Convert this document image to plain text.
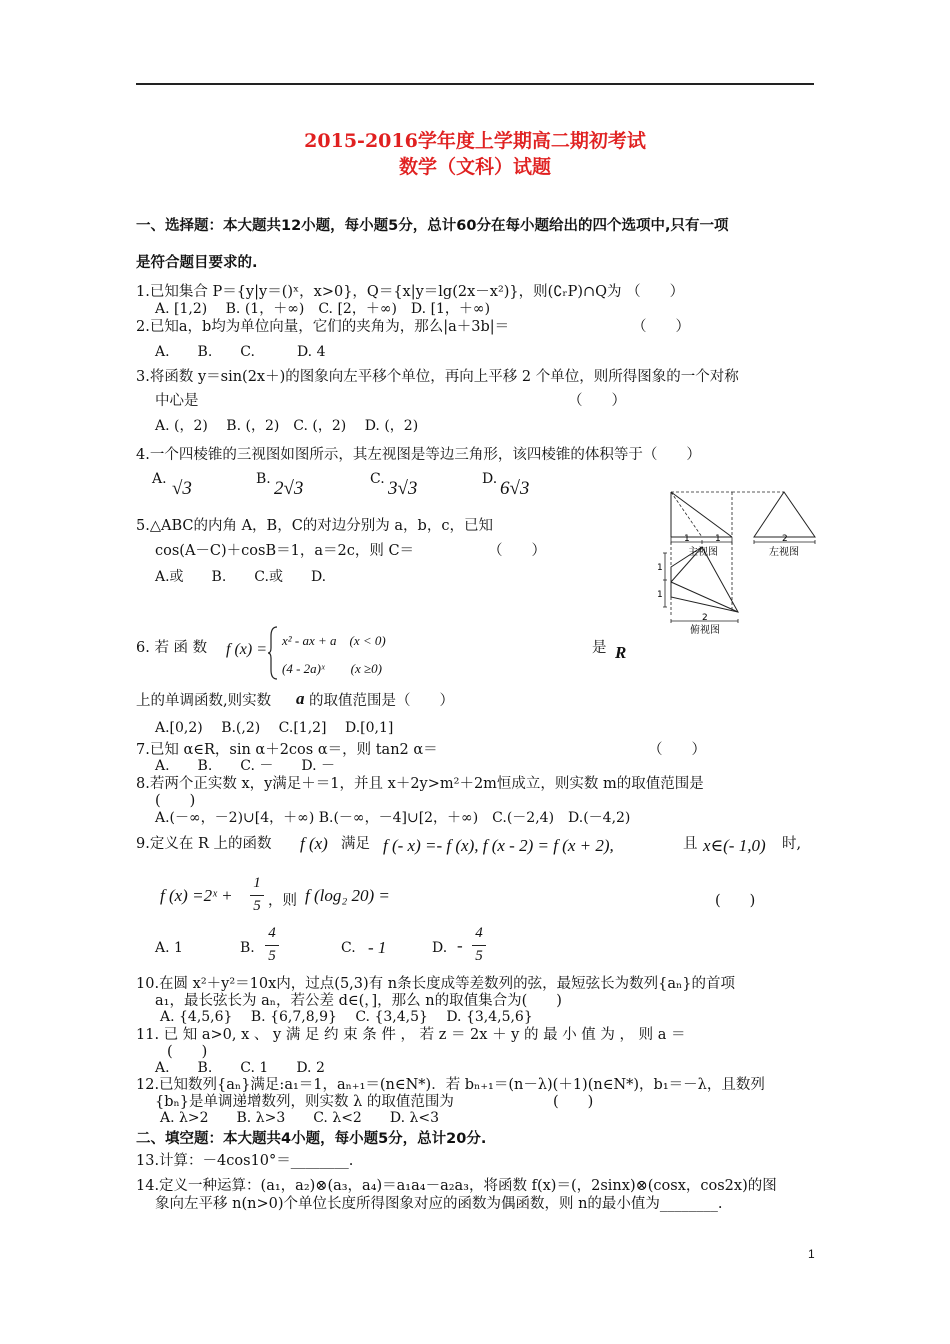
2015-2016学年度上学期高二期初考试
数学（文科）试题
一、选择题：本大题共12小题，每小题5分，总计60分在每小题给出的四个选项中,只有一项
是符合题目要求的.
1.已知集合 P＝{y|y＝()ˣ，x>0}，Q＝{x|y＝lg(2x－x²)}，则(∁ᵣP)∩Q为 （　　）
A. [1,2)　 B. (1，＋∞)　C. [2，＋∞)　D. [1，＋∞)
2.已知a，b均为单位向量，它们的夹角为，那么|a＋3b|＝	（　　）
A.　　B.　　C.　　　D. 4
3.将函数 y＝sin(2x＋)的图象向左平移个单位，再向上平移 2 个单位，则所得图象的一个对称
中心是	（　　）
A. (，2)　 B. (，2)　C. (，2)　 D. (，2)
4.一个四棱锥的三视图如图所示，其左视图是等边三角形，该四棱锥的体积等于（　　）
A. √3	B. 2√3	C. 3√3	D. 6√3
5.△ABC的内角 A，B，C的对边分别为 a，b，c，已知
cos(A－C)＋cosB＝1，a＝2c，则 C＝	（　　）
A.或　　B.　　C.或　　D.
1	1	2
1
1
2
主视图	左视图
俯视图
6. 若 函 数 f (x) =
x² - ax + a　(x < 0)
(4 - 2a)ˣ　　(x ≥0)
是 R
上的单调函数,则实数 a 的取值范围是（　　）
A.[0,2)　 B.(,2)　 C.[1,2]　 D.[0,1]
7.已知 α∈R，sin α＋2cos α＝，则 tan2 α＝	（　　）
A.　　B.　　C. －　　D. －
8.若两个正实数 x，y满足＋＝1，并且 x＋2y>m²＋2m恒成立，则实数 m的取值范围是
(　　)
A.(－∞，－2)∪[4，＋∞) B.(－∞，－4]∪[2，＋∞)　C.(－2,4)　D.(－4,2)
9.定义在 R 上的函数 f (x) 满足 f (- x) =- f (x), f (x - 2) = f (x + 2),	且 x∈(- 1,0) 时,
f (x) =2ˣ +
1
5 ，则 f (log₂ 20) =	(　　)
A. 1	B.
4
5	C. - 1	D. -
4
5
10.在圆 x²＋y²＝10x内，过点(5,3)有 n条长度成等差数列的弦，最短弦长为数列{aₙ}的首项
a₁，最长弦长为 aₙ，若公差 d∈(，]，那么 n的取值集合为(　　)
A. {4,5,6}　 B. {6,7,8,9}　 C. {3,4,5}　 D. {3,4,5,6}
11. 已 知 a>0, x 、 y 满 足 约 束 条 件 ， 若 z ＝ 2x ＋ y 的 最 小 值 为 ， 则 a ＝
(　　)
A.　　B.　　C. 1　　D. 2
12.已知数列{aₙ}满足:a₁＝1，aₙ₊₁＝(n∈N*)．若 bₙ₊₁＝(n－λ)(＋1)(n∈N*)，b₁＝－λ，且数列
{bₙ}是单调递增数列，则实数 λ 的取值范围为	(　　)
A. λ>2　　B. λ>3　　C. λ<2　　D. λ<3
二、填空题：本大题共4小题，每小题5分，总计20分.
13.计算：－4cos10°＝________.
14.定义一种运算：(a₁，a₂)⊗(a₃，a₄)＝a₁a₄－a₂a₃，将函数 f(x)＝(，2sinx)⊗(cosx，cos2x)的图
象向左平移 n(n>0)个单位长度所得图象对应的函数为偶函数，则 n的最小值为________.
1
